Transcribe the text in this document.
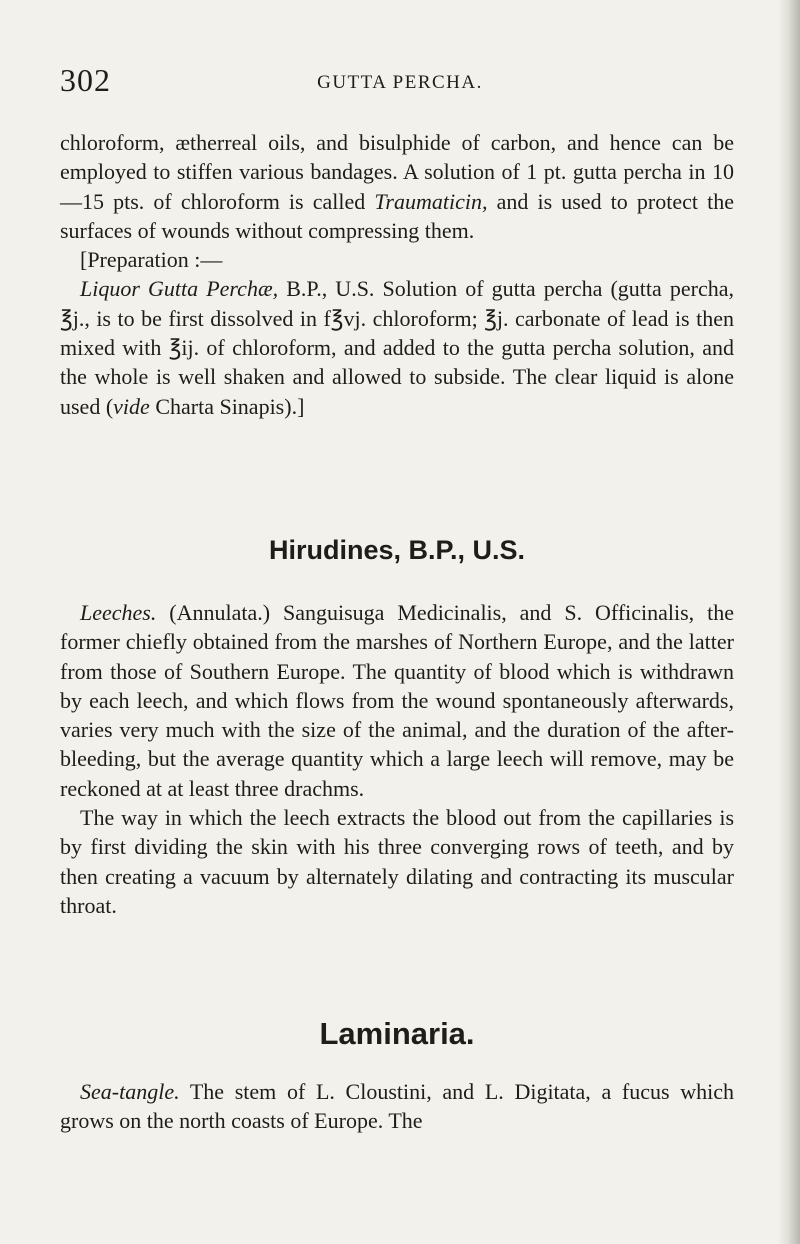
302	GUTTA PERCHA.

chloroform, ætherreal oils, and bisulphide of carbon, and hence can be employed to stiffen various bandages. A solution of 1 pt. gutta percha in 10—15 pts. of chloroform is called Traumaticin, and is used to protect the surfaces of wounds without compressing them.

[Preparation :—

Liquor Gutta Perchæ, B.P., U.S. Solution of gutta percha (gutta percha, ℥j., is to be first dissolved in f℥vj. chloroform; ℥j. carbonate of lead is then mixed with ℥ij. of chloroform, and added to the gutta percha solution, and the whole is well shaken and allowed to subside. The clear liquid is alone used (vide Charta Sinapis).]

Hirudines, B.P., U.S.

Leeches. (Annulata.) Sanguisuga Medicinalis, and S. Officinalis, the former chiefly obtained from the marshes of Northern Europe, and the latter from those of Southern Europe. The quantity of blood which is withdrawn by each leech, and which flows from the wound spontaneously afterwards, varies very much with the size of the animal, and the duration of the after-bleeding, but the average quantity which a large leech will remove, may be reckoned at at least three drachms.

The way in which the leech extracts the blood out from the capillaries is by first dividing the skin with his three converging rows of teeth, and by then creating a vacuum by alternately dilating and contracting its muscular throat.

Laminaria.

Sea-tangle. The stem of L. Cloustini, and L. Digitata, a fucus which grows on the north coasts of Europe. The
